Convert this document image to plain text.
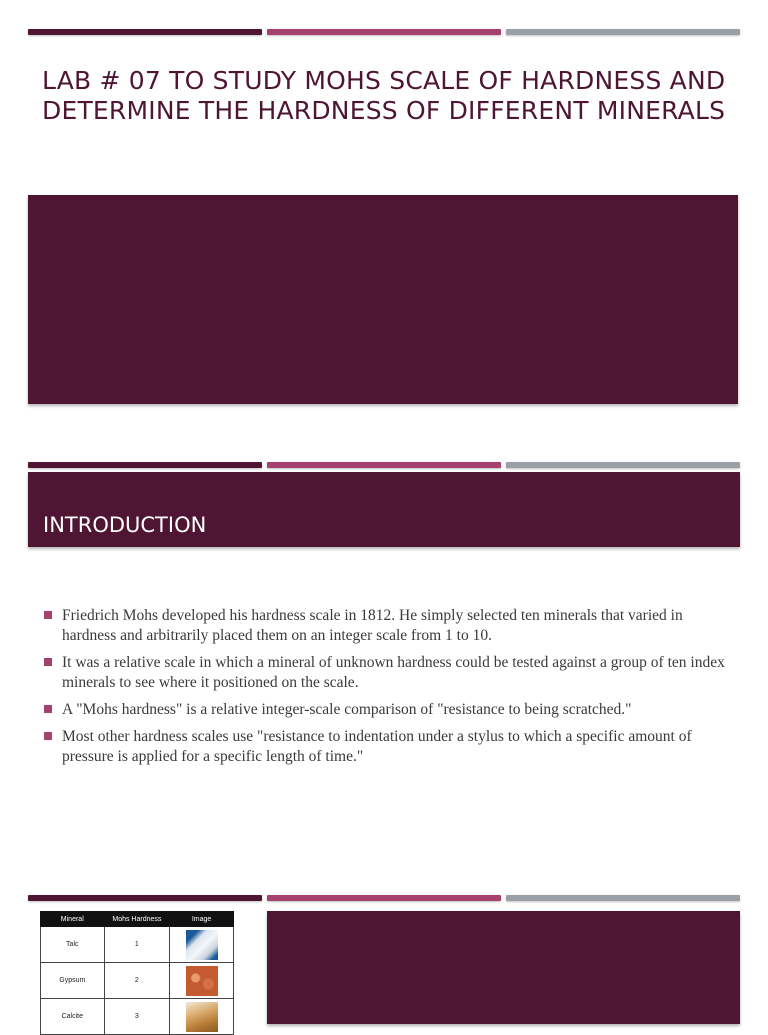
LAB # 07 TO STUDY MOHS SCALE OF HARDNESS AND DETERMINE THE HARDNESS OF DIFFERENT MINERALS
INTRODUCTION
Friedrich Mohs developed his hardness scale in 1812. He simply selected ten minerals that varied in hardness and arbitrarily placed them on an integer scale from 1 to 10.
It was a relative scale in which a mineral of unknown hardness could be tested against a group of ten index minerals to see where it positioned on the scale.
A "Mohs hardness" is a relative integer-scale comparison of "resistance to being scratched."
Most other hardness scales use "resistance to indentation under a stylus to which a specific amount of pressure is applied for a specific length of time."
Mineral	Mohs Hardness	Image
Talc	1	
Gypsum	2	
Calcite	3	
